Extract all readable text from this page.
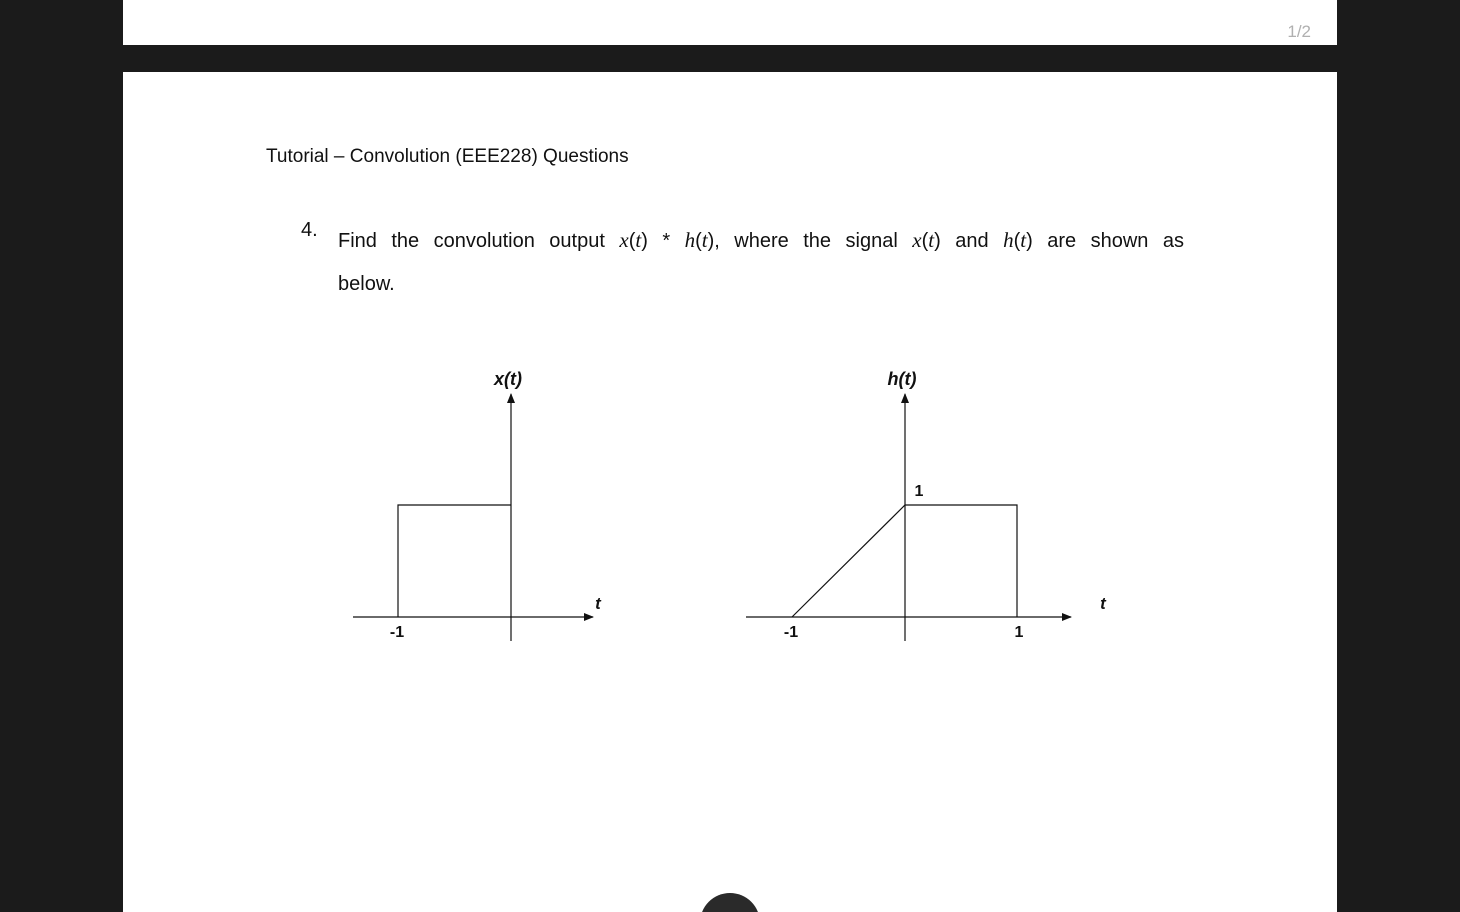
1/2
Tutorial – Convolution (EEE228) Questions
4. Find the convolution output x(t) * h(t), where the signal x(t) and h(t) are shown as
below.

x(t)
t
-1
h(t)
t
1
-1	1
